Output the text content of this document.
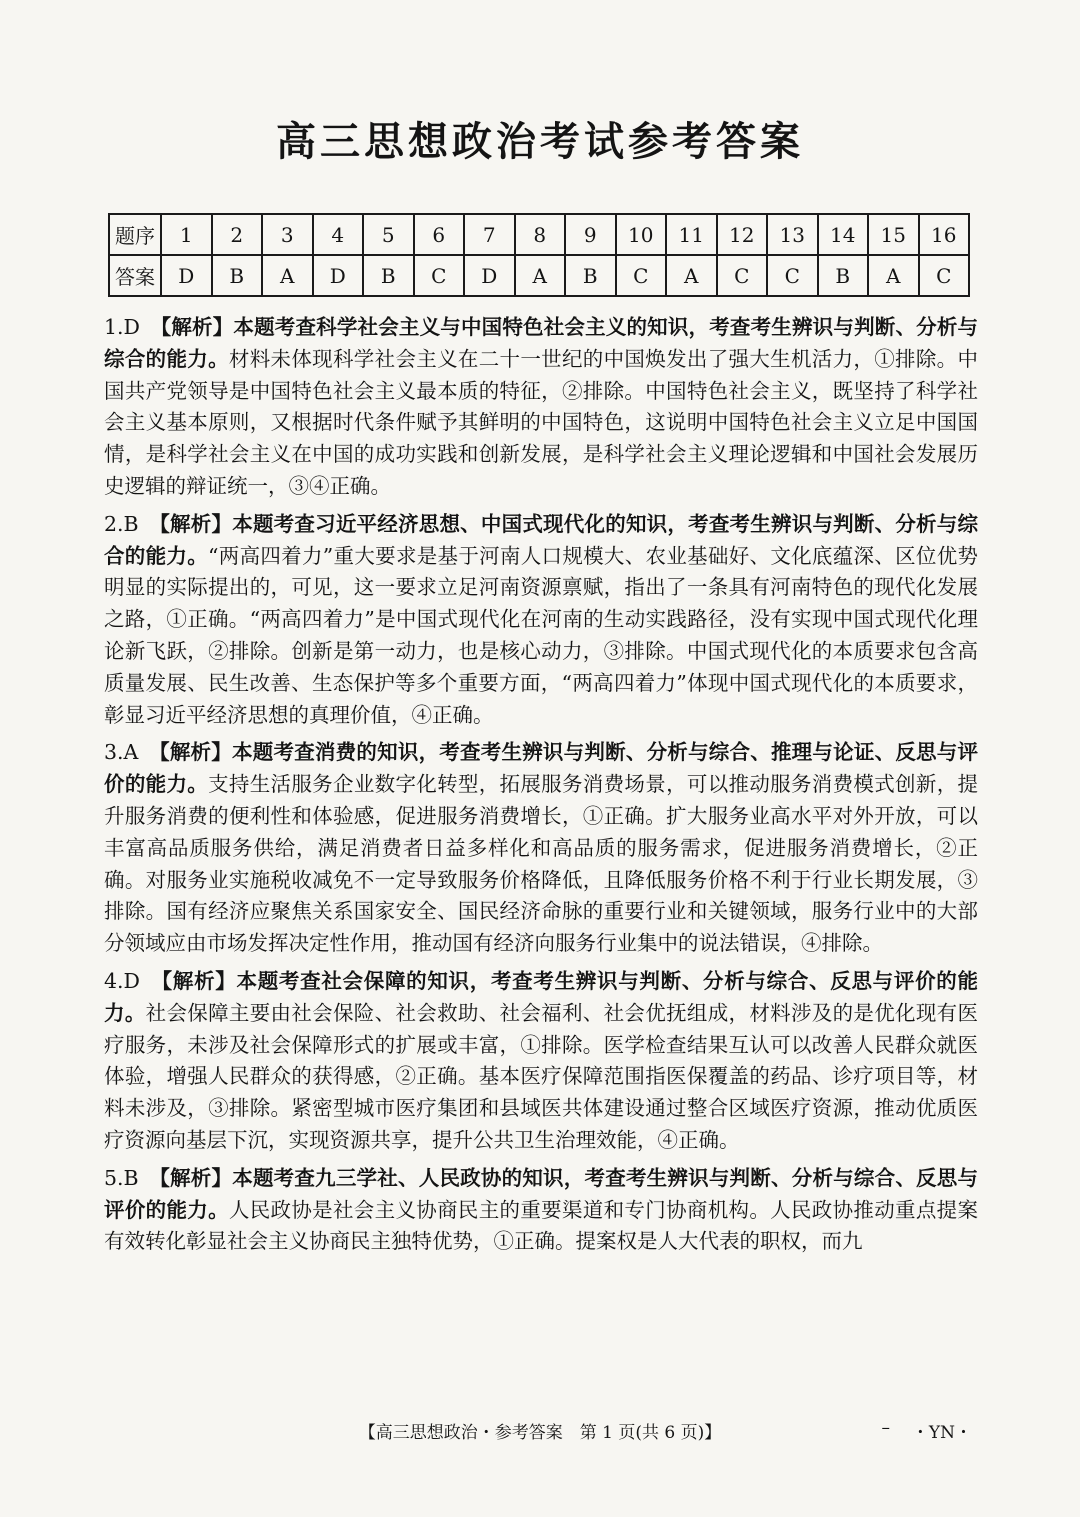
高三思想政治考试参考答案
题序	1	2	3	4	5	6	7	8	9	10	11	12	13	14	15	16
答案	D	B	A	D	B	C	D	A	B	C	A	C	C	B	A	C

1.D　 【解析】本题考查科学社会主义与中国特色社会主义的知识，考查考生辨识与判断、分析与综合的能力。材料未体现科学社会主义在二十一世纪的中国焕发出了强大生机活力，①排除。中国共产党领导是中国特色社会主义最本质的特征，②排除。中国特色社会主义，既坚持了科学社会主义基本原则，又根据时代条件赋予其鲜明的中国特色，这说明中国特色社会主义立足中国国情，是科学社会主义在中国的成功实践和创新发展，是科学社会主义理论逻辑和中国社会发展历史逻辑的辩证统一，③④正确。

2.B　 【解析】本题考查习近平经济思想、中国式现代化的知识，考查考生辨识与判断、分析与综合的能力。“两高四着力”重大要求是基于河南人口规模大、农业基础好、文化底蕴深、区位优势明显的实际提出的，可见，这一要求立足河南资源禀赋，指出了一条具有河南特色的现代化发展之路，①正确。“两高四着力”是中国式现代化在河南的生动实践路径，没有实现中国式现代化理论新飞跃，②排除。创新是第一动力，也是核心动力，③排除。中国式现代化的本质要求包含高质量发展、民生改善、生态保护等多个重要方面，“两高四着力”体现中国式现代化的本质要求，彰显习近平经济思想的真理价值，④正确。

3.A　 【解析】本题考查消费的知识，考查考生辨识与判断、分析与综合、推理与论证、反思与评价的能力。支持生活服务企业数字化转型，拓展服务消费场景，可以推动服务消费模式创新，提升服务消费的便利性和体验感，促进服务消费增长，①正确。扩大服务业高水平对外开放，可以丰富高品质服务供给，满足消费者日益多样化和高品质的服务需求，促进服务消费增长，②正确。对服务业实施税收减免不一定导致服务价格降低，且降低服务价格不利于行业长期发展，③排除。国有经济应聚焦关系国家安全、国民经济命脉的重要行业和关键领域，服务行业中的大部分领域应由市场发挥决定性作用，推动国有经济向服务行业集中的说法错误，④排除。

4.D　 【解析】本题考查社会保障的知识，考查考生辨识与判断、分析与综合、反思与评价的能力。社会保障主要由社会保险、社会救助、社会福利、社会优抚组成，材料涉及的是优化现有医疗服务，未涉及社会保障形式的扩展或丰富，①排除。医学检查结果互认可以改善人民群众就医体验，增强人民群众的获得感，②正确。基本医疗保障范围指医保覆盖的药品、诊疗项目等，材料未涉及，③排除。紧密型城市医疗集团和县域医共体建设通过整合区域医疗资源，推动优质医疗资源向基层下沉，实现资源共享，提升公共卫生治理效能，④正确。

5.B　 【解析】本题考查九三学社、人民政协的知识，考查考生辨识与判断、分析与综合、反思与评价的能力。人民政协是社会主义协商民主的重要渠道和专门协商机构。人民政协推动重点提案有效转化彰显社会主义协商民主独特优势，①正确。提案权是人大代表的职权，而九

【高三思想政治・参考答案　第 1 页(共 6 页)】	– ・YN・
